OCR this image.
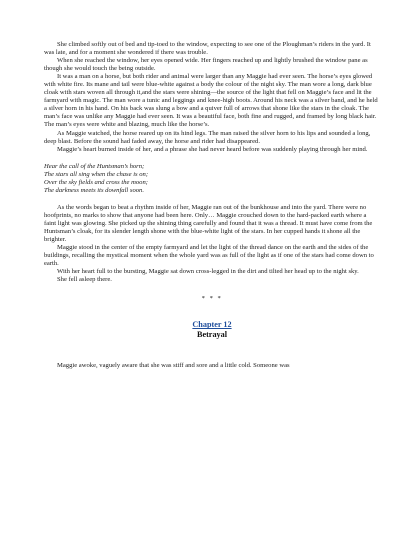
She climbed softly out of bed and tip-toed to the window, expecting to see one of the Ploughman’s riders in the yard. It was late, and for a moment she wondered if there was trouble.

When she reached the window, her eyes opened wide. Her fingers reached up and lightly brushed the window pane as though she would touch the being outside.

It was a man on a horse, but both rider and animal were larger than any Maggie had ever seen. The horse’s eyes glowed with white fire. Its mane and tail were blue-white against a body the colour of the night sky. The man wore a long, dark blue cloak with stars woven all through it,and the stars were shining—the source of the light that fell on Maggie’s face and lit the farmyard with magic. The man wore a tunic and leggings and knee-high boots. Around his neck was a silver band, and he held a silver horn in his hand. On his back was slung a bow and a quiver full of arrows that shone like the stars in the cloak. The man’s face was unlike any Maggie had ever seen. It was a beautiful face, both fine and rugged, and framed by long black hair. The man’s eyes were white and blazing, much like the horse’s.

As Maggie watched, the horse reared up on its hind legs. The man raised the silver horn to his lips and sounded a long, deep blast. Before the sound had faded away, the horse and rider had disappeared.

Maggie’s heart burned inside of her, and a phrase she had never heard before was suddenly playing through her mind.

Hear the call of the Huntsman’s horn;
The stars all sing when the chase is on;
Over the sky fields and cross the moon;
The darkness meets its downfall soon.

As the words began to beat a rhythm inside of her, Maggie ran out of the bunkhouse and into the yard. There were no hoofprints, no marks to show that anyone had been here. Only… Maggie crouched down to the hard-packed earth where a faint light was glowing. She picked up the shining thing carefully and found that it was a thread. It must have come from the Huntsman’s cloak, for its slender length shone with the blue-white light of the stars. In her cupped hands it shone all the brighter.

Maggie stood in the center of the empty farmyard and let the light of the thread dance on the earth and the sides of the buildings, recalling the mystical moment when the whole yard was as full of the light as if one of the stars had come down to earth.

With her heart full to the bursting, Maggie sat down cross-legged in the dirt and tilted her head up to the night sky.

She fell asleep there.

* * *
Chapter 12
Betrayal

Maggie awoke, vaguely aware that she was stiff and sore and a little cold. Someone was
